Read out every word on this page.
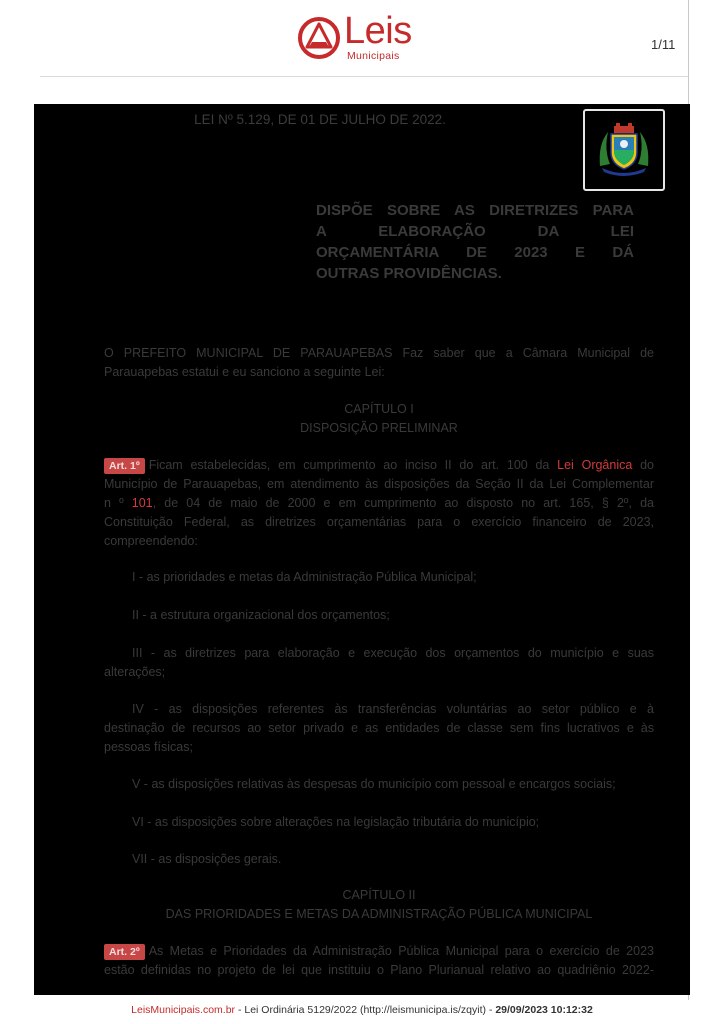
Leis
Municipais
1/11
LEI Nº 5.129, DE 01 DE JULHO DE 2022.
DISPÕE SOBRE AS DIRETRIZES PARA
A ELABORAÇÃO DA LEI
ORÇAMENTÁRIA DE 2023 E DÁ
OUTRAS PROVIDÊNCIAS.
O PREFEITO MUNICIPAL DE PARAUAPEBAS Faz saber que a Câmara Municipal de
Parauapebas estatui e eu sanciono a seguinte Lei:
CAPÍTULO I
DISPOSIÇÃO PRELIMINAR
Art. 1º Ficam estabelecidas, em cumprimento ao inciso II do art. 100 da Lei Orgânica do
Município de Parauapebas, em atendimento às disposições da Seção II da Lei Complementar
n º 101, de 04 de maio de 2000 e em cumprimento ao disposto no art. 165, § 2º, da
Constituição Federal, as diretrizes orçamentárias para o exercício financeiro de 2023,
compreendendo:
I - as prioridades e metas da Administração Pública Municipal;
II - a estrutura organizacional dos orçamentos;
III - as diretrizes para elaboração e execução dos orçamentos do município e suas
alterações;
IV - as disposições referentes às transferências voluntárias ao setor público e à
destinação de recursos ao setor privado e as entidades de classe sem fins lucrativos e às
pessoas físicas;
V - as disposições relativas às despesas do município com pessoal e encargos sociais;
VI - as disposições sobre alterações na legislação tributária do município;
VII - as disposições gerais.
CAPÍTULO II
DAS PRIORIDADES E METAS DA ADMINISTRAÇÃO PÚBLICA MUNICIPAL
Art. 2º As Metas e Prioridades da Administração Pública Municipal para o exercício de 2023
estão definidas no projeto de lei que instituiu o Plano Plurianual relativo ao quadriênio 2022-
LeisMunicipais.com.br - Lei Ordinária 5129/2022 (http://leismunicipa.is/zqyit) - 29/09/2023 10:12:32
